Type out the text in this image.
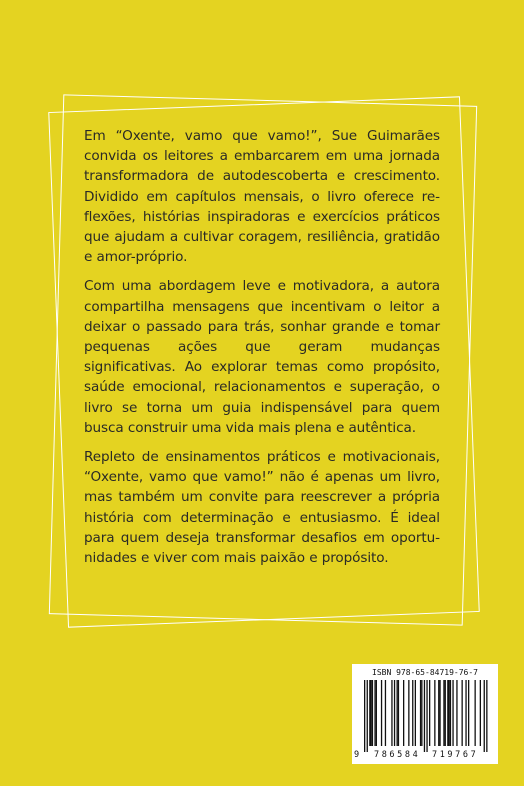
Em “Oxente, vamo que vamo!”, Sue Guimarães convida os leitores a embarcarem em uma jornada transformadora de autodescoberta e crescimento. Dividido em capítulos mensais, o livro oferece reflexões, histórias inspiradoras e exercícios práticos que ajudam a cultivar coragem, resiliência, gratidão e amor-próprio.

Com uma abordagem leve e motivadora, a autora compartilha mensagens que incentivam o leitor a deixar o passado para trás, sonhar grande e tomar pequenas ações que geram mudanças significativas. Ao explorar temas como propósito, saúde emocional, relacionamentos e superação, o livro se torna um guia indispensável para quem busca construir uma vida mais plena e autêntica.

Repleto de ensinamentos práticos e motivacionais, “Oxente, vamo que vamo!” não é apenas um livro, mas também um convite para reescrever a própria história com determinação e entusiasmo. É ideal para quem deseja transformar desafios em oportunidades e viver com mais paixão e propósito.

ISBN 978-65-84719-76-7
9 786584 719767
